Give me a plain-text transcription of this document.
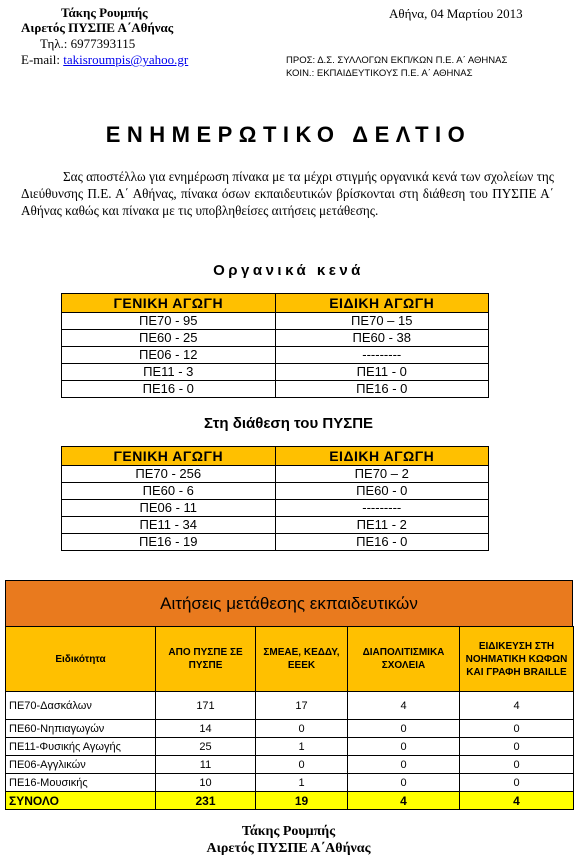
Τάκης Ρουμπής
Αιρετός ΠΥΣΠΕ Α΄Αθήνας
Τηλ.: 6977393115
E-mail: takisroumpis@yahoo.gr
Αθήνα, 04 Μαρτίου 2013
ΠΡΟΣ: Δ.Σ. ΣΥΛΛΟΓΩΝ ΕΚΠ/ΚΩΝ Π.Ε. Α΄ ΑΘΗΝΑΣ
ΚΟΙΝ.: ΕΚΠΑΙΔΕΥΤΙΚΟΥΣ Π.Ε. Α΄ ΑΘΗΝΑΣ
ΕΝΗΜΕΡΩΤΙΚΟ ΔΕΛΤΙΟ
Σας αποστέλλω για ενημέρωση πίνακα με τα μέχρι στιγμής οργανικά κενά των σχολείων της Διεύθυνσης Π.Ε. Α΄ Αθήνας, πίνακα όσων εκπαιδευτικών βρίσκονται στη διάθεση του ΠΥΣΠΕ Α΄ Αθήνας καθώς και πίνακα με τις υποβληθείσες αιτήσεις μετάθεσης.
Οργανικά κενά
ΓΕΝΙΚΗ ΑΓΩΓΗ	ΕΙΔΙΚΗ ΑΓΩΓΗ
ΠΕ70 - 95	ΠΕ70 – 15
ΠΕ60 - 25	ΠΕ60 - 38
ΠΕ06 - 12	---------
ΠΕ11 - 3	ΠΕ11 - 0
ΠΕ16 - 0	ΠΕ16 - 0
Στη διάθεση του ΠΥΣΠΕ
ΓΕΝΙΚΗ ΑΓΩΓΗ	ΕΙΔΙΚΗ ΑΓΩΓΗ
ΠΕ70 - 256	ΠΕ70 – 2
ΠΕ60 - 6	ΠΕ60 - 0
ΠΕ06 - 11	---------
ΠΕ11 - 34	ΠΕ11 - 2
ΠΕ16 - 19	ΠΕ16 - 0
Αιτήσεις μετάθεσης εκπαιδευτικών
Ειδικότητα	ΑΠΟ ΠΥΣΠΕ ΣΕ ΠΥΣΠΕ	ΣΜΕΑΕ, ΚΕΔΔΥ, ΕΕΕΚ	ΔΙΑΠΟΛΙΤΙΣΜΙΚΑ ΣΧΟΛΕΙΑ	ΕΙΔΙΚΕΥΣΗ ΣΤΗ ΝΟΗΜΑΤΙΚΗ ΚΩΦΩΝ ΚΑΙ ΓΡΑΦΗ BRAILLE
ΠΕ70-Δασκάλων	171	17	4	4
ΠΕ60-Νηπιαγωγών	14	0	0	0
ΠΕ11-Φυσικής Αγωγής	25	1	0	0
ΠΕ06-Αγγλικών	11	0	0	0
ΠΕ16-Μουσικής	10	1	0	0
ΣΥΝΟΛΟ	231	19	4	4
Τάκης Ρουμπής
Αιρετός ΠΥΣΠΕ Α΄Αθήνας
